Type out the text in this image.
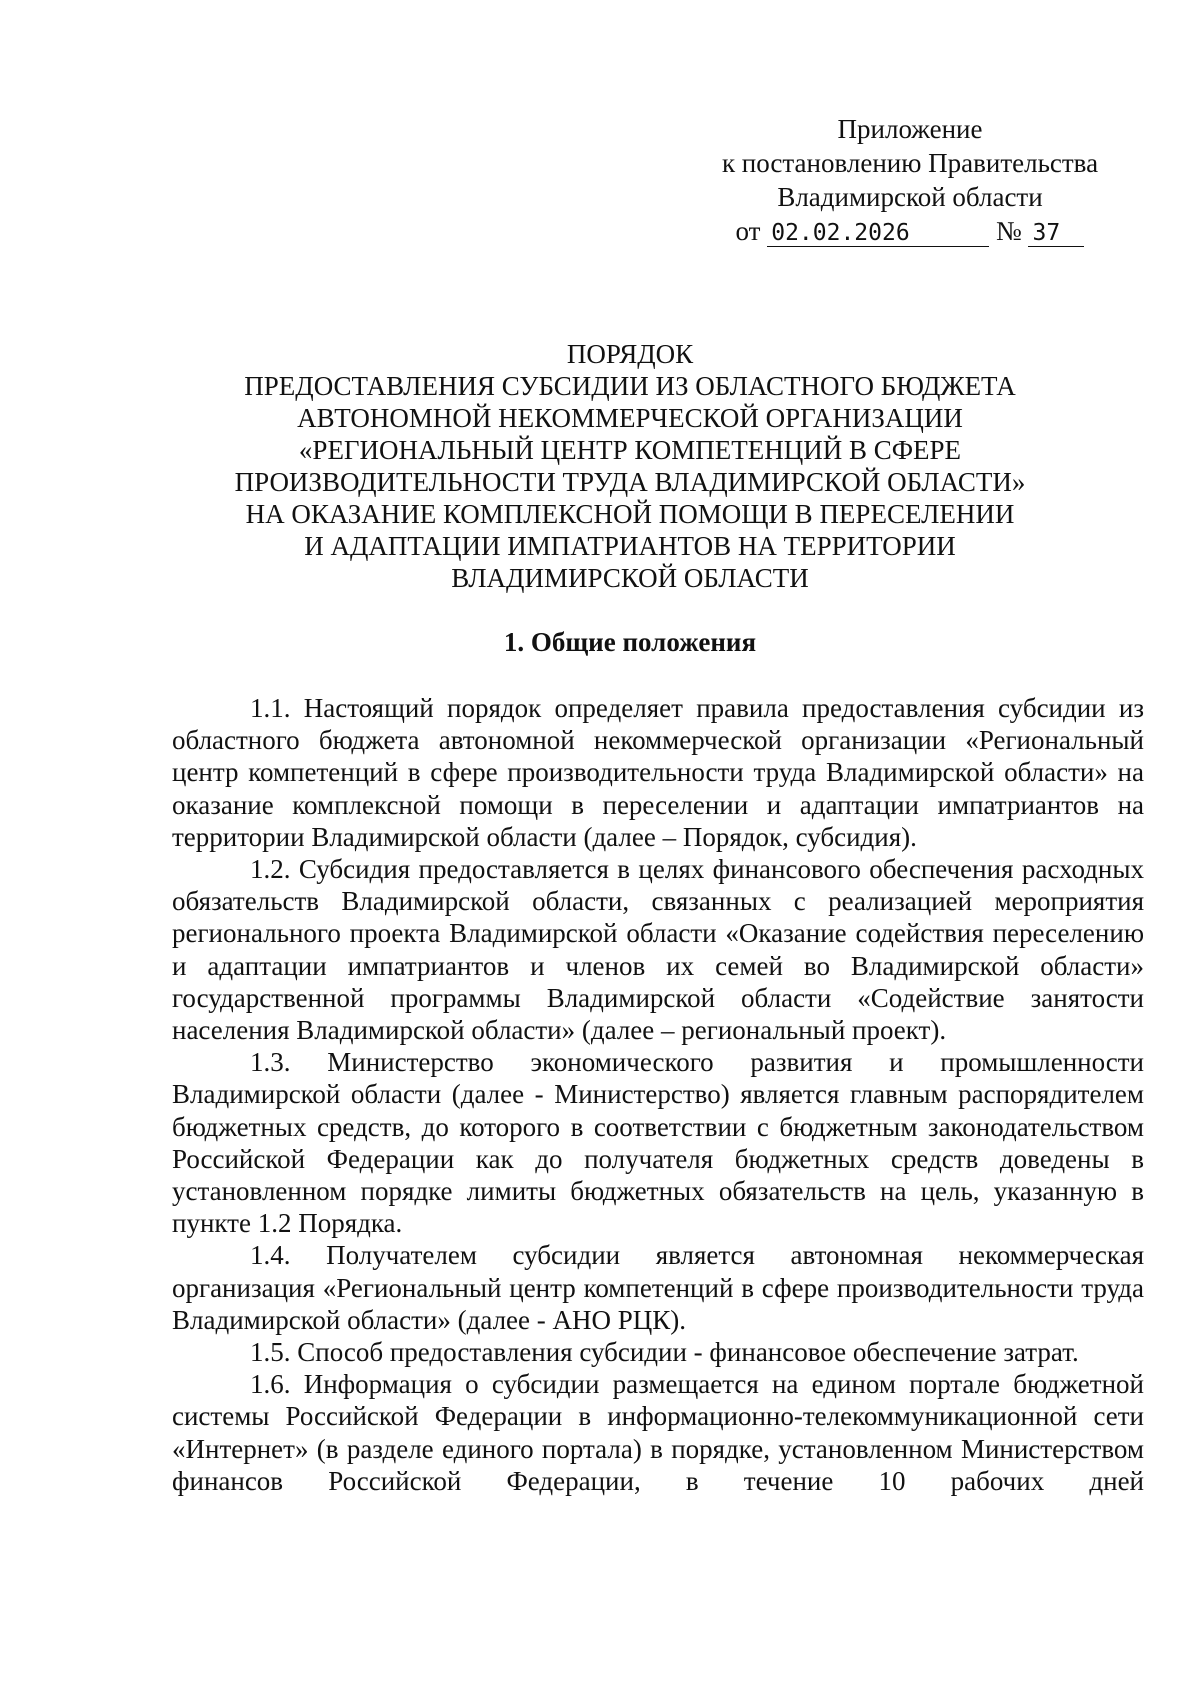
Приложение
к постановлению Правительства
Владимирской области
от 02.02.2026	№ 37
ПОРЯДОК
ПРЕДОСТАВЛЕНИЯ СУБСИДИИ ИЗ ОБЛАСТНОГО БЮДЖЕТА
АВТОНОМНОЙ НЕКОММЕРЧЕСКОЙ ОРГАНИЗАЦИИ
«РЕГИОНАЛЬНЫЙ ЦЕНТР КОМПЕТЕНЦИЙ В СФЕРЕ
ПРОИЗВОДИТЕЛЬНОСТИ ТРУДА ВЛАДИМИРСКОЙ ОБЛАСТИ»
НА ОКАЗАНИЕ КОМПЛЕКСНОЙ ПОМОЩИ В ПЕРЕСЕЛЕНИИ
И АДАПТАЦИИ ИМПАТРИАНТОВ НА ТЕРРИТОРИИ
ВЛАДИМИРСКОЙ ОБЛАСТИ
1. Общие положения

1.1. Настоящий порядок определяет правила предоставления субсидии из областного бюджета автономной некоммерческой организации «Региональный центр компетенций в сфере производительности труда Владимирской области» на оказание комплексной помощи в переселении и адаптации импатриантов на территории Владимирской области (далее – Порядок, субсидия).

1.2. Субсидия предоставляется в целях финансового обеспечения расходных обязательств Владимирской области, связанных с реализацией мероприятия регионального проекта Владимирской области «Оказание содействия переселению и адаптации импатриантов и членов их семей во Владимирской области» государственной программы Владимирской области «Содействие занятости населения Владимирской области» (далее – региональный проект).

1.3. Министерство экономического развития и промышленности Владимирской области (далее - Министерство) является главным распорядителем бюджетных средств, до которого в соответствии с бюджетным законодательством Российской Федерации как до получателя бюджетных средств доведены в установленном порядке лимиты бюджетных обязательств на цель, указанную в пункте 1.2 Порядка.

1.4. Получателем субсидии является автономная некоммерческая организация «Региональный центр компетенций в сфере производительности труда Владимирской области» (далее - АНО РЦК).

1.5. Способ предоставления субсидии - финансовое обеспечение затрат.

1.6. Информация о субсидии размещается на едином портале бюджетной системы Российской Федерации в информационно-телекоммуникационной сети «Интернет» (в разделе единого портала) в порядке, установленном Министерством финансов Российской Федерации, в течение 10 рабочих дней
